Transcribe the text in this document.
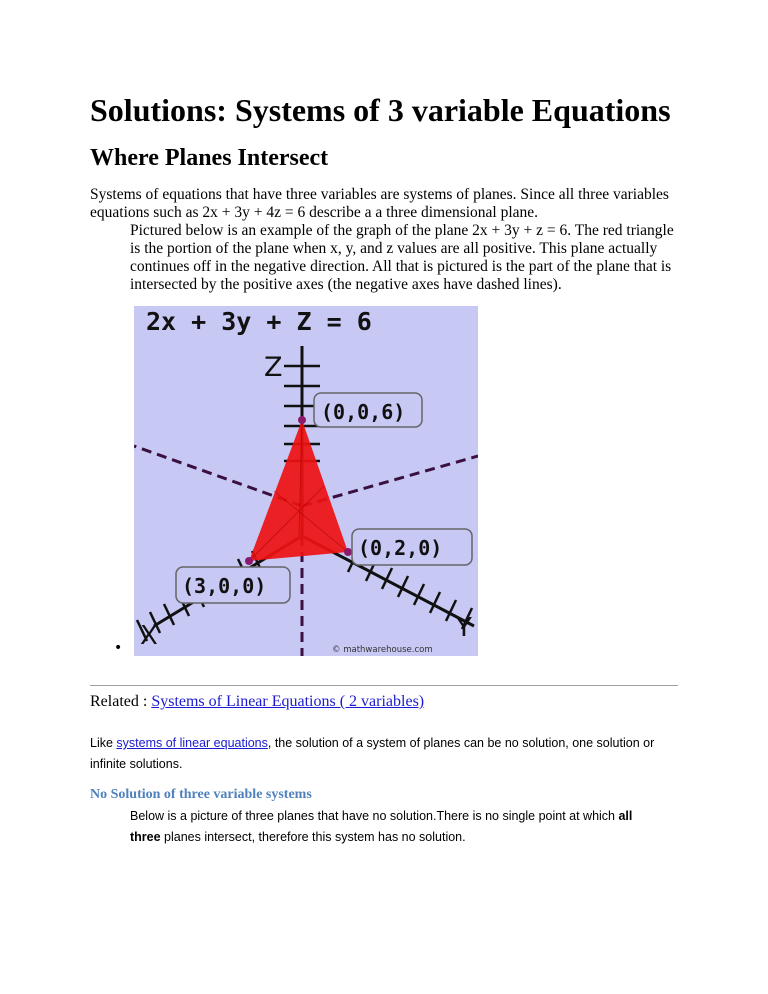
Solutions: Systems of 3 variable Equations
Where Planes Intersect

Systems of equations that have three variables are systems of planes. Since all three variables equations such as 2x + 3y + 4z = 6 describe a a three dimensional plane.

Pictured below is an example of the graph of the plane 2x + 3y + z = 6. The red triangle is the portion of the plane when x, y, and z values are all positive. This plane actually continues off in the negative direction. All that is pictured is the part of the plane that is intersected by the positive axes (the negative axes have dashed lines).

2x + 3y + Z = 6
Z
X	Y
(0,0,6)
(0,2,0)
(3,0,0)
© mathwarehouse.com
•
Related : Systems of Linear Equations ( 2 variables)

Like systems of linear equations, the solution of a system of planes can be no solution, one solution or infinite solutions.

No Solution of three variable systems

Below is a picture of three planes that have no solution.There is no single point at which all
three planes intersect, therefore this system has no solution.
